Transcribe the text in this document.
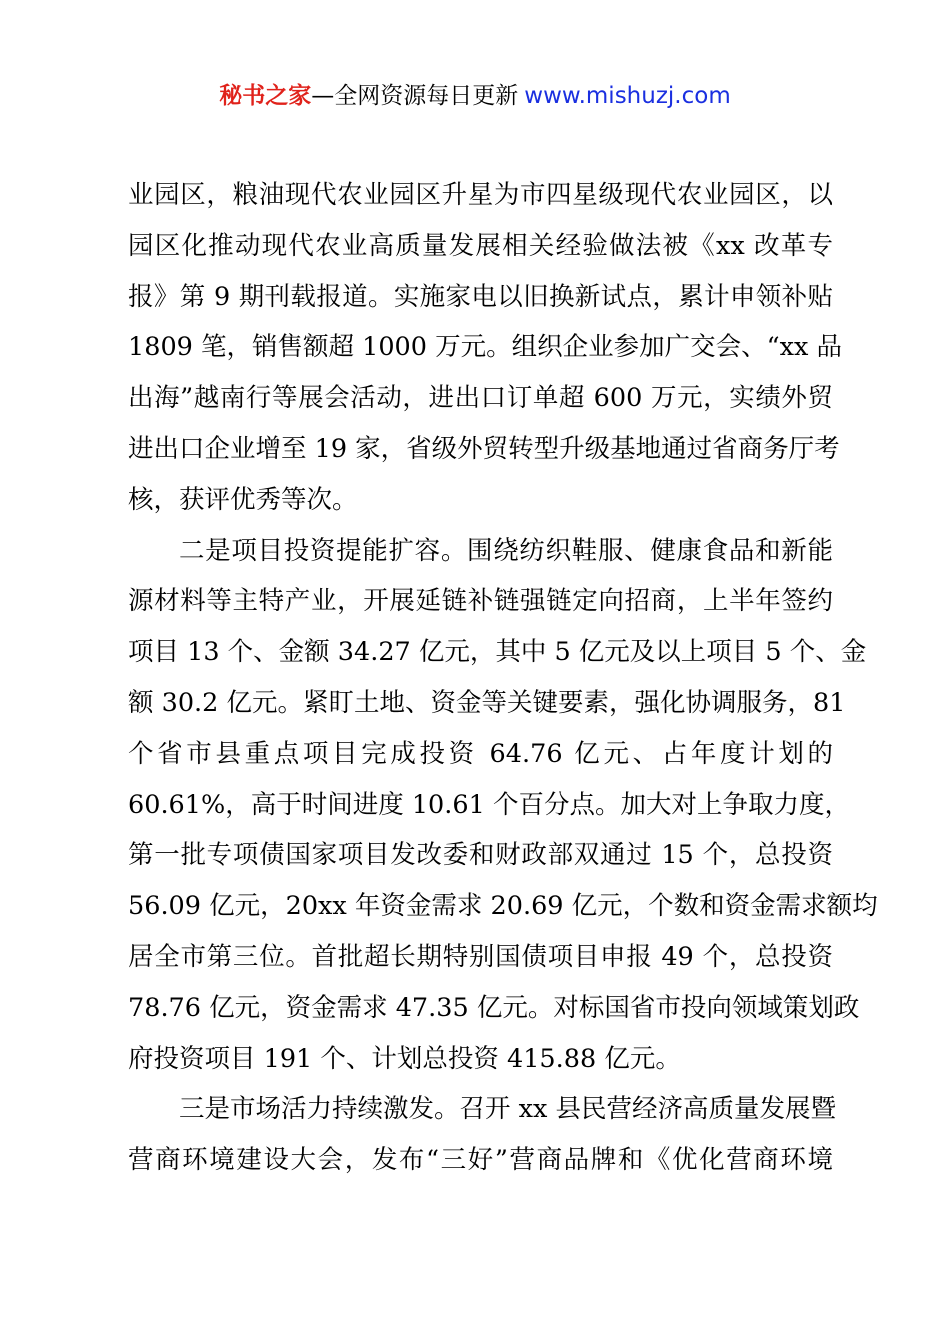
秘书之家—全网资源每日更新 www.mishuzj.com
业园区，粮油现代农业园区升星为市四星级现代农业园区，以
园区化推动现代农业高质量发展相关经验做法被《xx 改革专
报》第 9 期刊载报道。实施家电以旧换新试点，累计申领补贴
1809 笔，销售额超 1000 万元。组织企业参加广交会、“xx 品
出海”越南行等展会活动，进出口订单超 600 万元，实绩外贸
进出口企业增至 19 家，省级外贸转型升级基地通过省商务厅考
核，获评优秀等次。
二是项目投资提能扩容。围绕纺织鞋服、健康食品和新能
源材料等主特产业，开展延链补链强链定向招商，上半年签约
项目 13 个、金额 34.27 亿元，其中 5 亿元及以上项目 5 个、金
额 30.2 亿元。紧盯土地、资金等关键要素，强化协调服务，81
个省市县重点项目完成投资 64.76 亿元、占年度计划的
60.61%，高于时间进度 10.61 个百分点。加大对上争取力度，
第一批专项债国家项目发改委和财政部双通过 15 个，总投资
56.09 亿元，20xx 年资金需求 20.69 亿元，个数和资金需求额均
居全市第三位。首批超长期特别国债项目申报 49 个，总投资
78.76 亿元，资金需求 47.35 亿元。对标国省市投向领域策划政
府投资项目 191 个、计划总投资 415.88 亿元。
三是市场活力持续激发。召开 xx 县民营经济高质量发展暨
营商环境建设大会，发布“三好”营商品牌和《优化营商环境
